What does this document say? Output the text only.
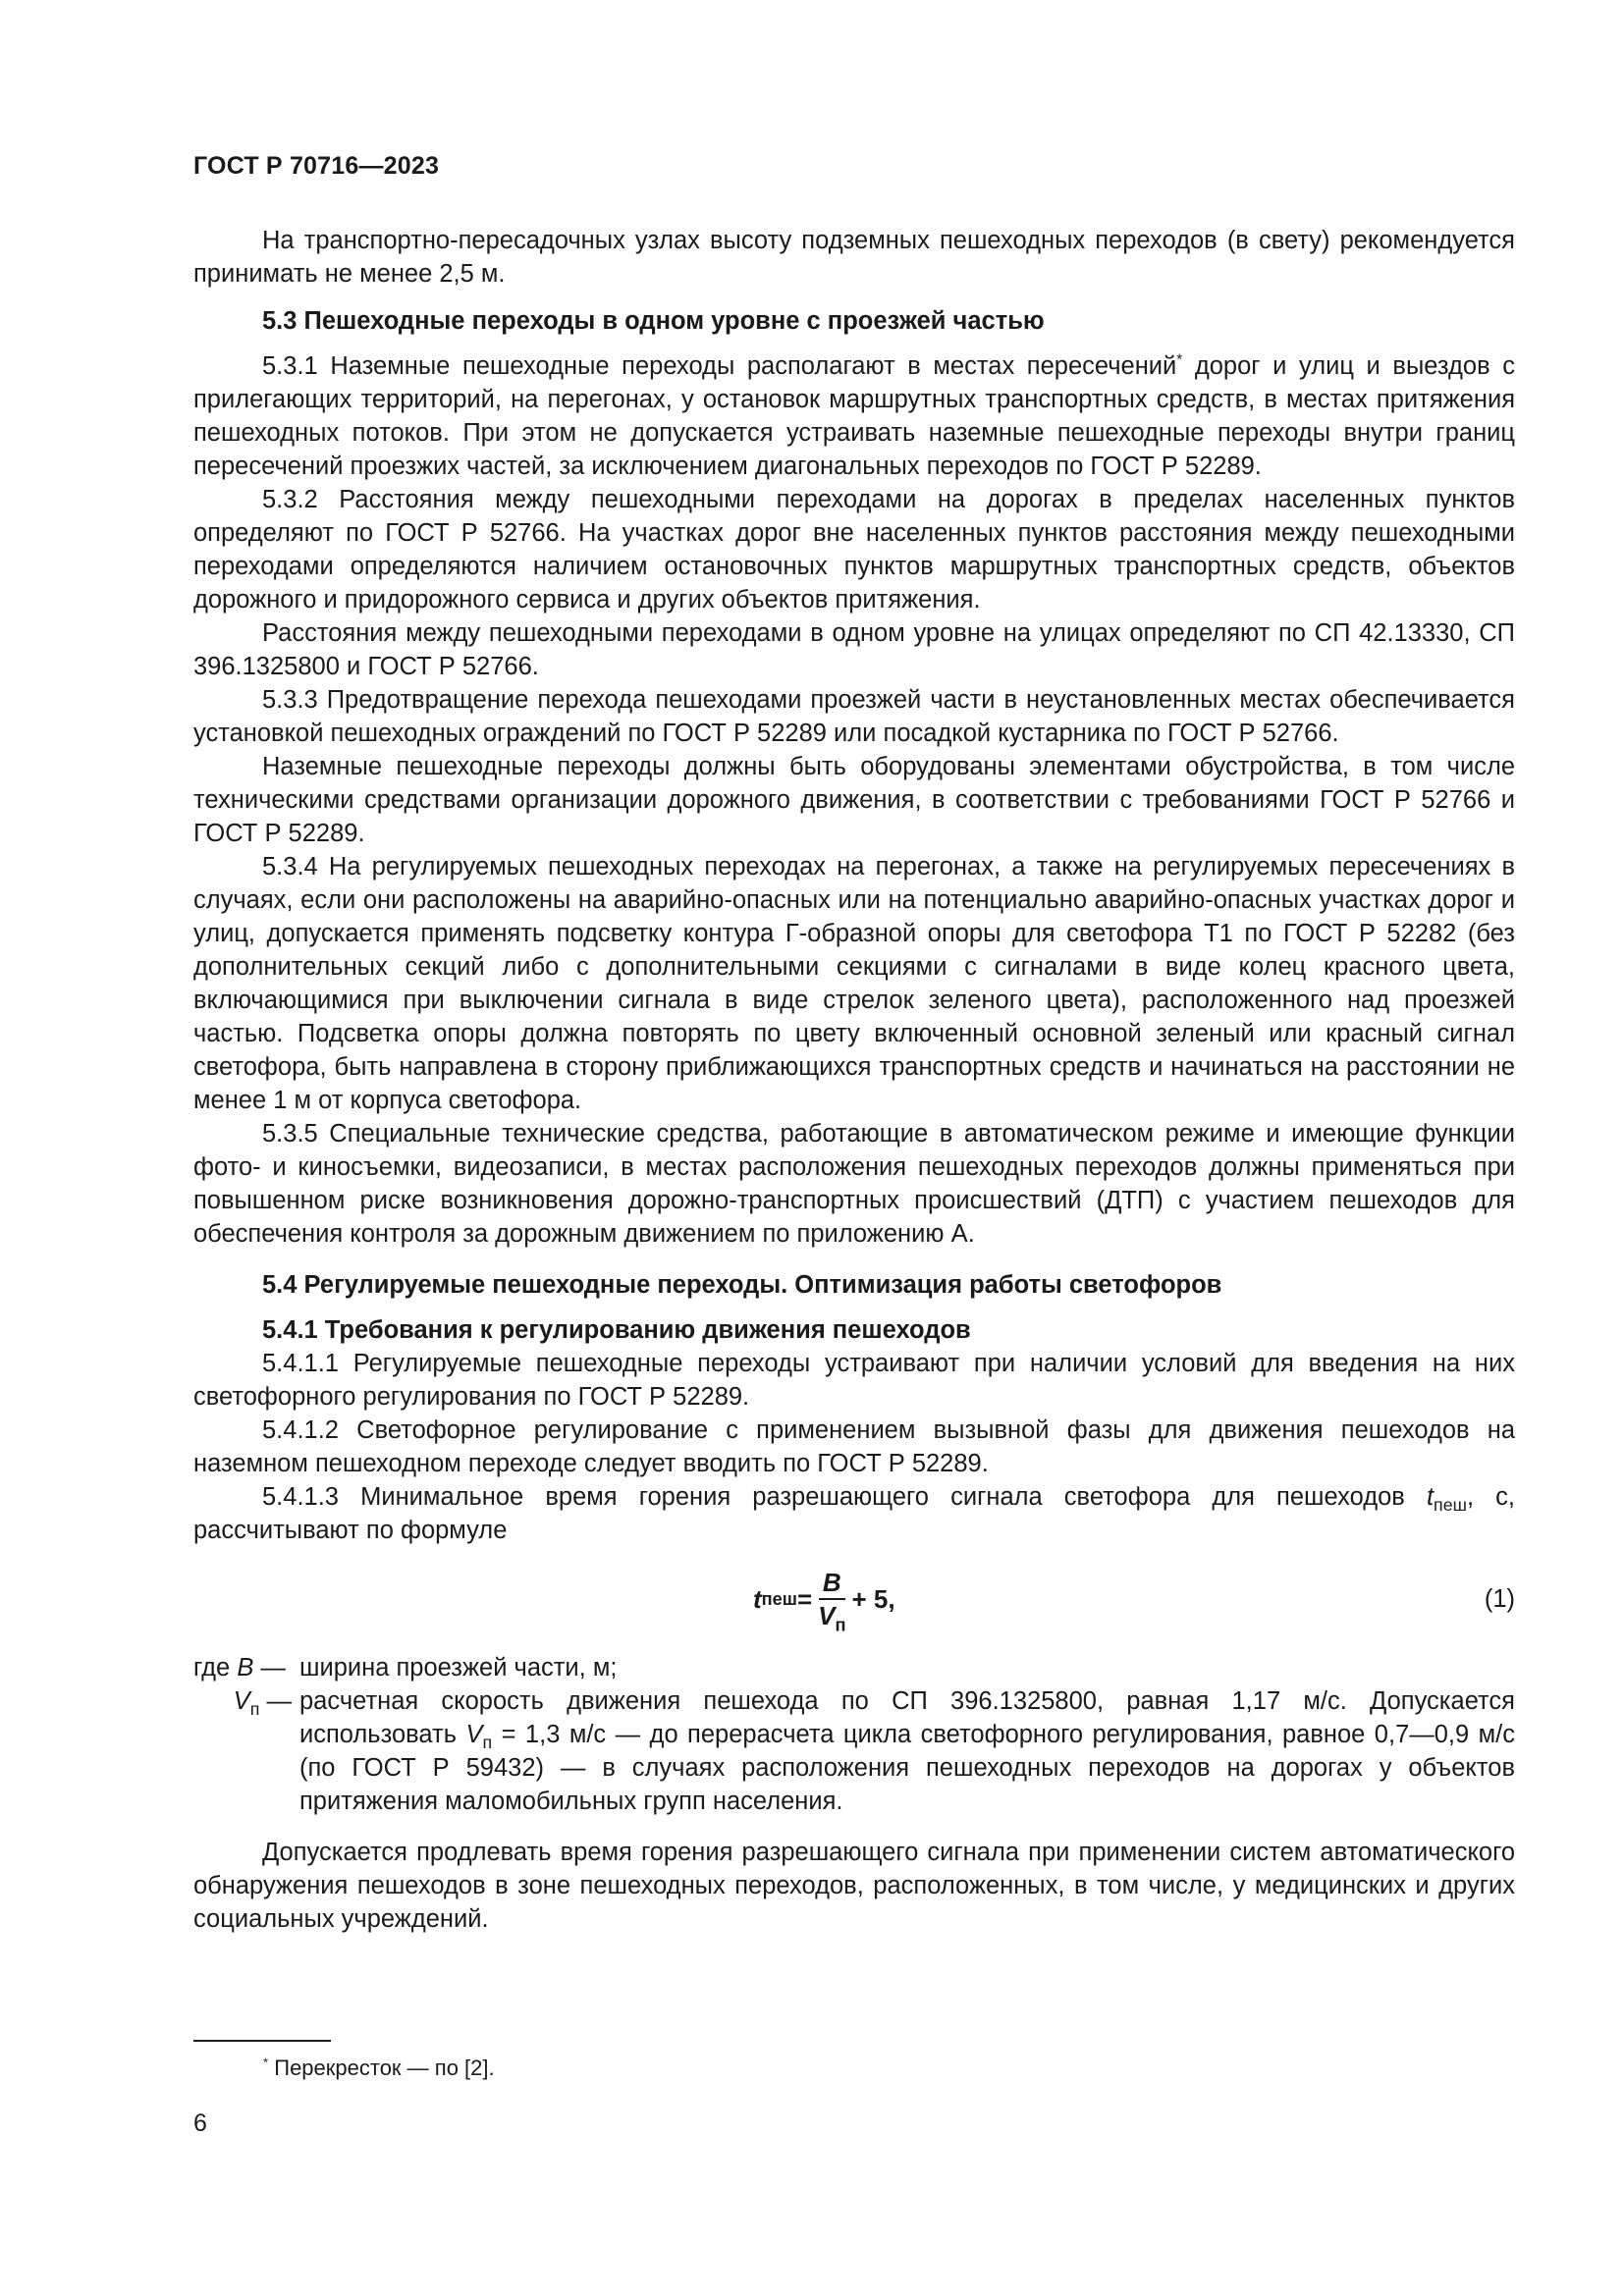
ГОСТ Р 70716—2023

На транспортно-пересадочных узлах высоту подземных пешеходных переходов (в свету) рекомендуется принимать не менее 2,5 м.

5.3 Пешеходные переходы в одном уровне с проезжей частью

5.3.1 Наземные пешеходные переходы располагают в местах пересечений* дорог и улиц и выездов с прилегающих территорий, на перегонах, у остановок маршрутных транспортных средств, в местах притяжения пешеходных потоков. При этом не допускается устраивать наземные пешеходные переходы внутри границ пересечений проезжих частей, за исключением диагональных переходов по ГОСТ Р 52289.

5.3.2 Расстояния между пешеходными переходами на дорогах в пределах населенных пунктов определяют по ГОСТ Р 52766. На участках дорог вне населенных пунктов расстояния между пешеходными переходами определяются наличием остановочных пунктов маршрутных транспортных средств, объектов дорожного и придорожного сервиса и других объектов притяжения.

Расстояния между пешеходными переходами в одном уровне на улицах определяют по СП 42.13330, СП 396.1325800 и ГОСТ Р 52766.

5.3.3 Предотвращение перехода пешеходами проезжей части в неустановленных местах обеспечивается установкой пешеходных ограждений по ГОСТ Р 52289 или посадкой кустарника по ГОСТ Р 52766.

Наземные пешеходные переходы должны быть оборудованы элементами обустройства, в том числе техническими средствами организации дорожного движения, в соответствии с требованиями ГОСТ Р 52766 и ГОСТ Р 52289.

5.3.4 На регулируемых пешеходных переходах на перегонах, а также на регулируемых пересечениях в случаях, если они расположены на аварийно-опасных или на потенциально аварийно-опасных участках дорог и улиц, допускается применять подсветку контура Г-образной опоры для светофора Т1 по ГОСТ Р 52282 (без дополнительных секций либо с дополнительными секциями с сигналами в виде колец красного цвета, включающимися при выключении сигнала в виде стрелок зеленого цвета), расположенного над проезжей частью. Подсветка опоры должна повторять по цвету включенный основной зеленый или красный сигнал светофора, быть направлена в сторону приближающихся транспортных средств и начинаться на расстоянии не менее 1 м от корпуса светофора.

5.3.5 Специальные технические средства, работающие в автоматическом режиме и имеющие функции фото- и киносъемки, видеозаписи, в местах расположения пешеходных переходов должны применяться при повышенном риске возникновения дорожно-транспортных происшествий (ДТП) с участием пешеходов для обеспечения контроля за дорожным движением по приложению А.

5.4 Регулируемые пешеходные переходы. Оптимизация работы светофоров
5.4.1 Требования к регулированию движения пешеходов

5.4.1.1 Регулируемые пешеходные переходы устраивают при наличии условий для введения на них светофорного регулирования по ГОСТ Р 52289.

5.4.1.2 Светофорное регулирование с применением вызывной фазы для движения пешеходов на наземном пешеходном переходе следует вводить по ГОСТ Р 52289.

5.4.1.3 Минимальное время горения разрешающего сигнала светофора для пешеходов $t_{пеш}$, с, рассчитывают по формуле

t пеш = $\frac{B}{V_п} + 5$,	(1)
где B — ширина проезжей части, м;
$V_п$ — расчетная скорость движения пешехода по СП 396.1325800, равная 1,17 м/с. Допускается использовать $V_п = 1,3$ м/с — до перерасчета цикла светофорного регулирования, равное 0,7—0,9 м/с (по ГОСТ Р 59432) — в случаях расположения пешеходных переходов на дорогах у объектов притяжения маломобильных групп населения.

Допускается продлевать время горения разрешающего сигнала при применении систем автоматического обнаружения пешеходов в зоне пешеходных переходов, расположенных, в том числе, у медицинских и других социальных учреждений.

* Перекресток — по [2].
6
